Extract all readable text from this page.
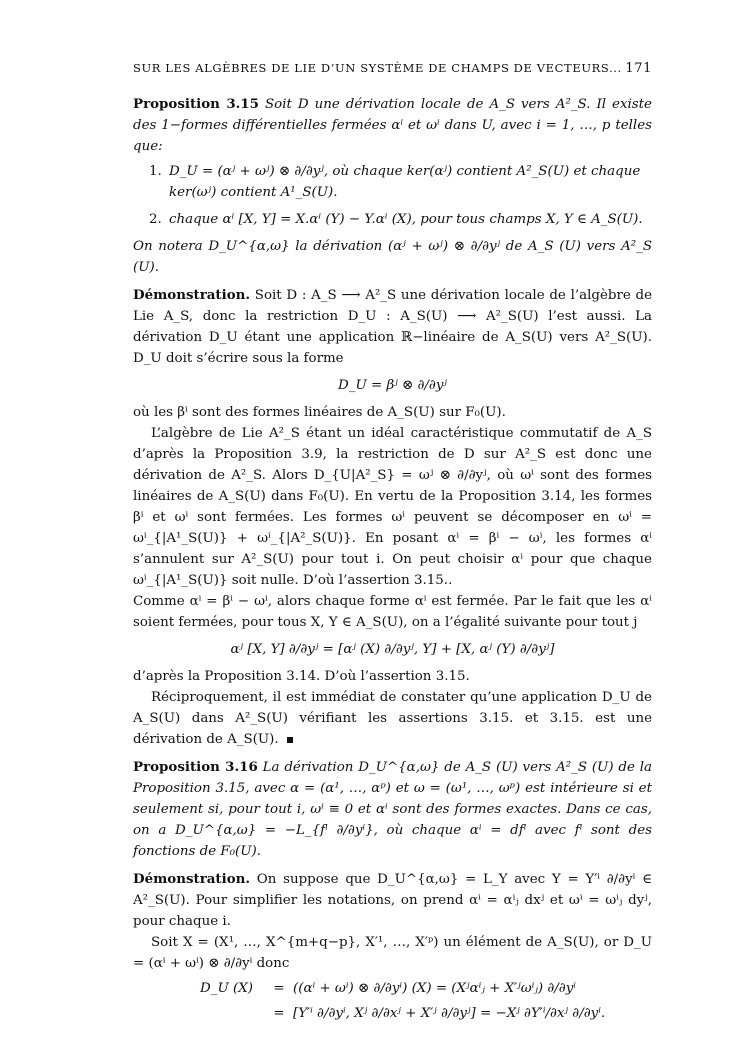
SUR LES ALGÈBRES DE LIE D’UN SYSTÈME DE CHAMPS DE VECTEURS... 171

Proposition 3.15 Soit D une dérivation locale de A_S vers A²_S. Il existe des 1−formes différentielles fermées αⁱ et ωⁱ dans U, avec i = 1, …, p telles que:

1. D_U = (αʲ + ωʲ) ⊗ ∂/∂yʲ, où chaque ker(αʲ) contient A²_S(U) et chaque ker(ωʲ) contient A¹_S(U).
2. chaque αⁱ [X, Y] = X.αⁱ (Y) − Y.αⁱ (X), pour tous champs X, Y ∈ A_S(U).

On notera D_U^{α,ω} la dérivation (αʲ + ωʲ) ⊗ ∂/∂yʲ de A_S (U) vers A²_S (U).

Démonstration. Soit D : A_S ⟶ A²_S une dérivation locale de l’algèbre de Lie A_S, donc la restriction D_U : A_S(U) ⟶ A²_S(U) l’est aussi. La dérivation D_U étant une application ℝ−linéaire de A_S(U) vers A²_S(U). D_U doit s’écrire sous la forme

D_U = βʲ ⊗ ∂/∂yʲ

où les βⁱ sont des formes linéaires de A_S(U) sur F₀(U).

L’algèbre de Lie A²_S étant un idéal caractéristique commutatif de A_S d’après la Proposition 3.9, la restriction de D sur A²_S est donc une dérivation de A²_S. Alors D_{U|A²_S} = ωʲ ⊗ ∂/∂yʲ, où ωⁱ sont des formes linéaires de A_S(U) dans F₀(U). En vertu de la Proposition 3.14, les formes βⁱ et ωⁱ sont fermées. Les formes ωⁱ peuvent se décomposer en ωⁱ = ωⁱ_{|A¹_S(U)} + ωⁱ_{|A²_S(U)}. En posant αⁱ = βⁱ − ωⁱ, les formes αⁱ s’annulent sur A²_S(U) pour tout i. On peut choisir αⁱ pour que chaque ωⁱ_{|A¹_S(U)} soit nulle. D’où l’assertion 3.15..

Comme αⁱ = βⁱ − ωⁱ, alors chaque forme αⁱ est fermée. Par le fait que les αⁱ soient fermées, pour tous X, Y ∈ A_S(U), on a l’égalité suivante pour tout j

αʲ [X, Y] ∂/∂yʲ = [αʲ (X) ∂/∂yʲ, Y] + [X, αʲ (Y) ∂/∂yʲ]

d’après la Proposition 3.14. D’où l’assertion 3.15.

Réciproquement, il est immédiat de constater qu’une application D_U de A_S(U) dans A²_S(U) vérifiant les assertions 3.15. et 3.15. est une dérivation de A_S(U).

Proposition 3.16 La dérivation D_U^{α,ω} de A_S (U) vers A²_S (U) de la Proposition 3.15, avec α = (α¹, …, αᵖ) et ω = (ω¹, …, ωᵖ) est intérieure si et seulement si, pour tout i, ωⁱ ≡ 0 et αⁱ sont des formes exactes. Dans ce cas, on a D_U^{α,ω} = −L_{fⁱ ∂/∂yⁱ}, où chaque αⁱ = dfⁱ avec fⁱ sont des fonctions de F₀(U).

Démonstration. On suppose que D_U^{α,ω} = L_Y avec Y = Y′ⁱ ∂/∂yⁱ ∈ A²_S(U). Pour simplifier les notations, on prend αⁱ = αⁱⱼ dxʲ et ωⁱ = ωⁱⱼ dyʲ, pour chaque i.

Soit X = (X¹, …, X^{m+q−p}, X′¹, …, X′ᵖ) un élément de A_S(U), or D_U = (αⁱ + ωⁱ) ⊗ ∂/∂yⁱ donc

D_U (X)	= ((αⁱ + ωⁱ) ⊗ ∂/∂yⁱ) (X) = (Xʲαⁱⱼ + X′ʲωⁱⱼ) ∂/∂yⁱ
= [Y′ⁱ ∂/∂yⁱ, Xʲ ∂/∂xʲ + X′ʲ ∂/∂yʲ] = −Xʲ ∂Y′ⁱ/∂xʲ ∂/∂yⁱ.
